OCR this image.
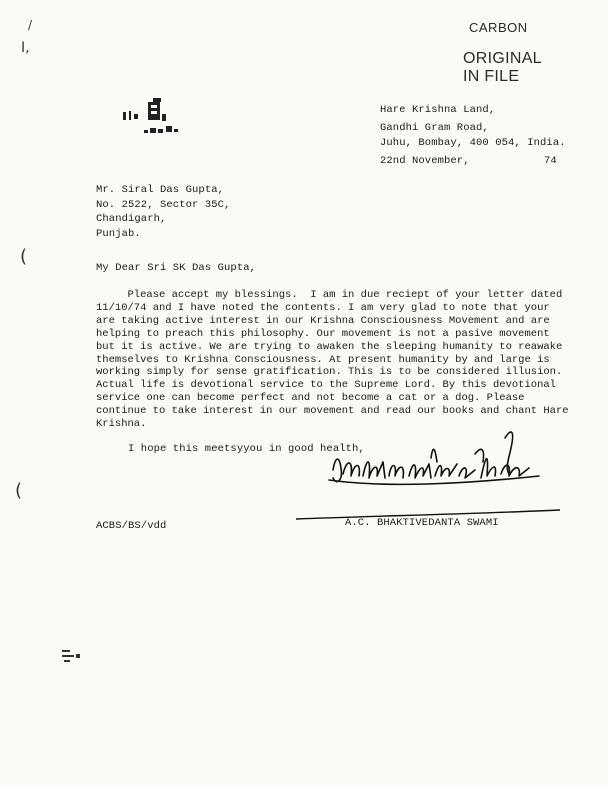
/
I,
(
(
CARBON
ORIGINAL
IN FILE
Hare Krishna Land,
Gandhi Gram Road,
Juhu, Bombay, 400 054, India.
22nd November,	74
Mr. Siral Das Gupta,
No. 2522, Sector 35C,
Chandigarh,
Punjab.
My Dear Sri SK Das Gupta,
Please accept my blessings.  I am in due reciept of your letter dated
11/10/74 and I have noted the contents. I am very glad to note that your
are taking active interest in our Krishna Consciousness Movement and are
helping to preach this philosophy. Our movement is not a pasive movement
but it is active. We are trying to awaken the sleeping humanity to reawake
themselves to Krishna Consciousness. At present humanity by and large is
working simply for sense gratification. This is to be considered illusion.
Actual life is devotional service to the Supreme Lord. By this devotional
service one can become perfect and not become a cat or a dog. Please
continue to take interest in our movement and read our books and chant Hare
Krishna.
I hope this meetsyyou in good health,
A.C. BHAKTIVEDANTA SWAMI
ACBS/BS/vdd
